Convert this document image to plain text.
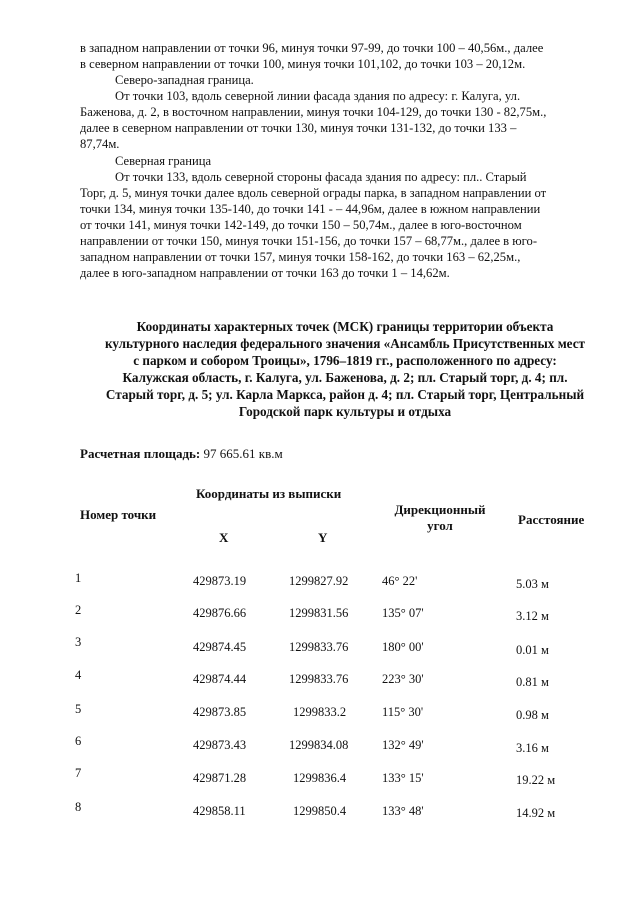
в западном направлении от точки 96, минуя точки 97-99, до точки 100 – 40,56м., далее
в северном направлении от точки 100, минуя точки 101,102, до точки 103 – 20,12м.
Северо-западная граница.
От точки 103, вдоль северной линии фасада здания по адресу: г. Калуга, ул.
Баженова, д. 2, в восточном направлении, минуя точки 104-129, до точки 130 - 82,75м.,
далее в северном направлении от точки 130, минуя точки 131-132, до точки 133 –
87,74м.
Северная граница
От точки 133, вдоль северной стороны фасада здания по адресу: пл.. Старый
Торг, д. 5, минуя точки далее вдоль северной ограды парка, в западном направлении от
точки 134, минуя точки 135-140, до точки 141 - – 44,96м, далее в южном направлении
от точки 141, минуя точки 142-149, до точки 150 – 50,74м., далее в юго-восточном
направлении от точки 150, минуя точки 151-156, до точки 157 – 68,77м., далее в юго-
западном направлении от точки 157, минуя точки 158-162, до точки 163 – 62,25м.,
далее в юго-западном направлении от точки 163 до точки 1 – 14,62м.
Координаты характерных точек (МСК) границы территории объекта
культурного наследия федерального значения «Ансамбль Присутственных мест
с парком и собором Троицы», 1796–1819 гг., расположенного по адресу:
Калужская область, г. Калуга, ул. Баженова, д. 2; пл. Старый торг, д. 4; пл.
Старый торг, д. 5; ул. Карла Маркса, район д. 4; пл. Старый торг, Центральный
Городской парк культуры и отдыха
Расчетная площадь: 97 665.61 кв.м
Номер точки
Координаты из выписки
X	Y
Дирекционный
угол	Расстояние
1	429873.19	1299827.92	46° 22'	5.03 м
2	429876.66	1299831.56	135° 07'	3.12 м
3	429874.45	1299833.76	180° 00'	0.01 м
4	429874.44	1299833.76	223° 30'	0.81 м
5	429873.85	1299833.2	115° 30'	0.98 м
6	429873.43	1299834.08	132° 49'	3.16 м
7	429871.28	1299836.4	133° 15'	19.22 м
8	429858.11	1299850.4	133° 48'	14.92 м
